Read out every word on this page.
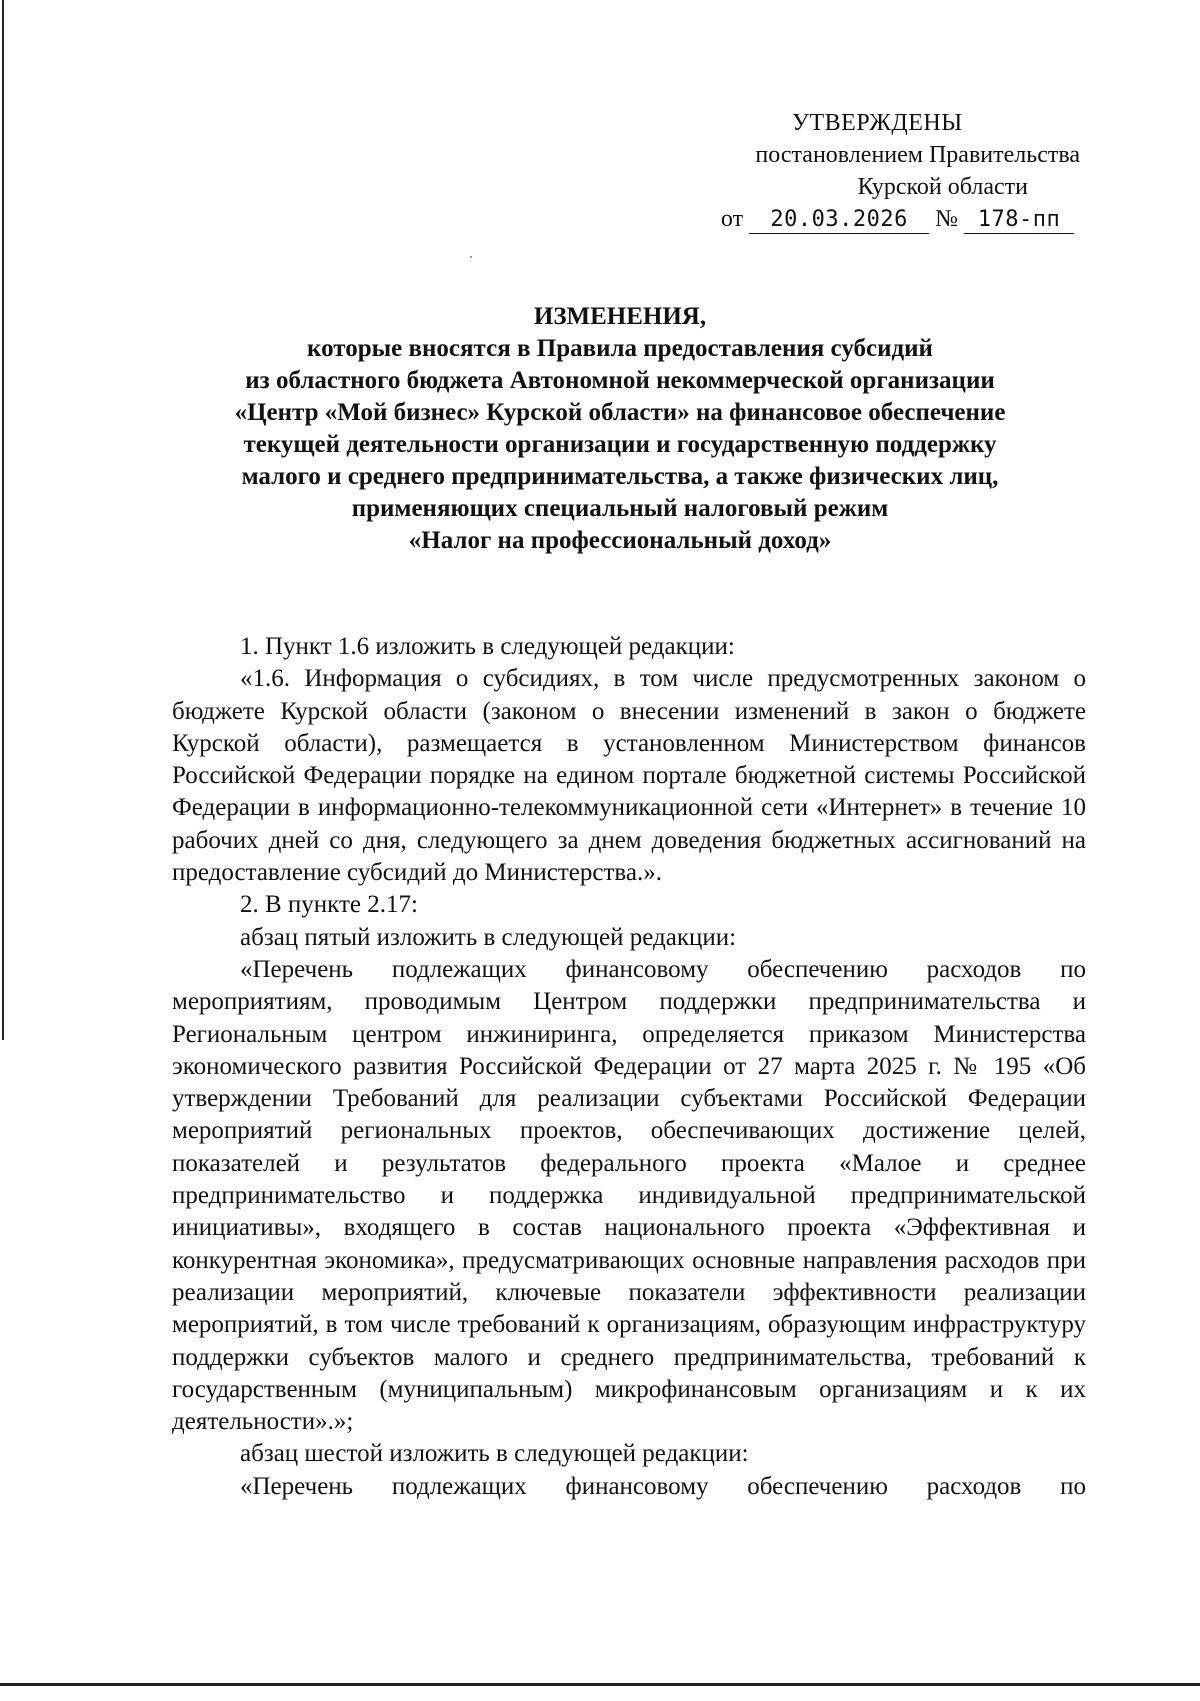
УТВЕРЖДЕНЫ
постановлением Правительства
Курской области
от 20.03.2026 № 178-пп
ИЗМЕНЕНИЯ,
которые вносятся в Правила предоставления субсидий
из областного бюджета Автономной некоммерческой организации
«Центр «Мой бизнес» Курской области» на финансовое обеспечение
текущей деятельности организации и государственную поддержку
малого и среднего предпринимательства, а также физических лиц,
применяющих специальный налоговый режим
«Налог на профессиональный доход»
1. Пункт 1.6 изложить в следующей редакции:
«1.6. Информация о субсидиях, в том числе предусмотренных законом о бюджете Курской области (законом о внесении изменений в закон о бюджете Курской области), размещается в установленном Министерством финансов Российской Федерации порядке на едином портале бюджетной системы Российской Федерации в информационно-телекоммуникационной сети «Интернет» в течение 10 рабочих дней со дня, следующего за днем доведения бюджетных ассигнований на предоставление субсидий до Министерства.».
2. В пункте 2.17:
абзац пятый изложить в следующей редакции:
«Перечень подлежащих финансовому обеспечению расходов по мероприятиям, проводимым Центром поддержки предпринимательства и Региональным центром инжиниринга, определяется приказом Министерства экономического развития Российской Федерации от 27 марта 2025 г. № 195 «Об утверждении Требований для реализации субъектами Российской Федерации мероприятий региональных проектов, обеспечивающих достижение целей, показателей и результатов федерального проекта «Малое и среднее предпринимательство и поддержка индивидуальной предпринимательской инициативы», входящего в состав национального проекта «Эффективная и конкурентная экономика», предусматривающих основные направления расходов при реализации мероприятий, ключевые показатели эффективности реализации мероприятий, в том числе требований к организациям, образующим инфраструктуру поддержки субъектов малого и среднего предпринимательства, требований к государственным (муниципальным) микрофинансовым организациям и к их деятельности».»;
абзац шестой изложить в следующей редакции:
«Перечень подлежащих финансовому обеспечению расходов по
